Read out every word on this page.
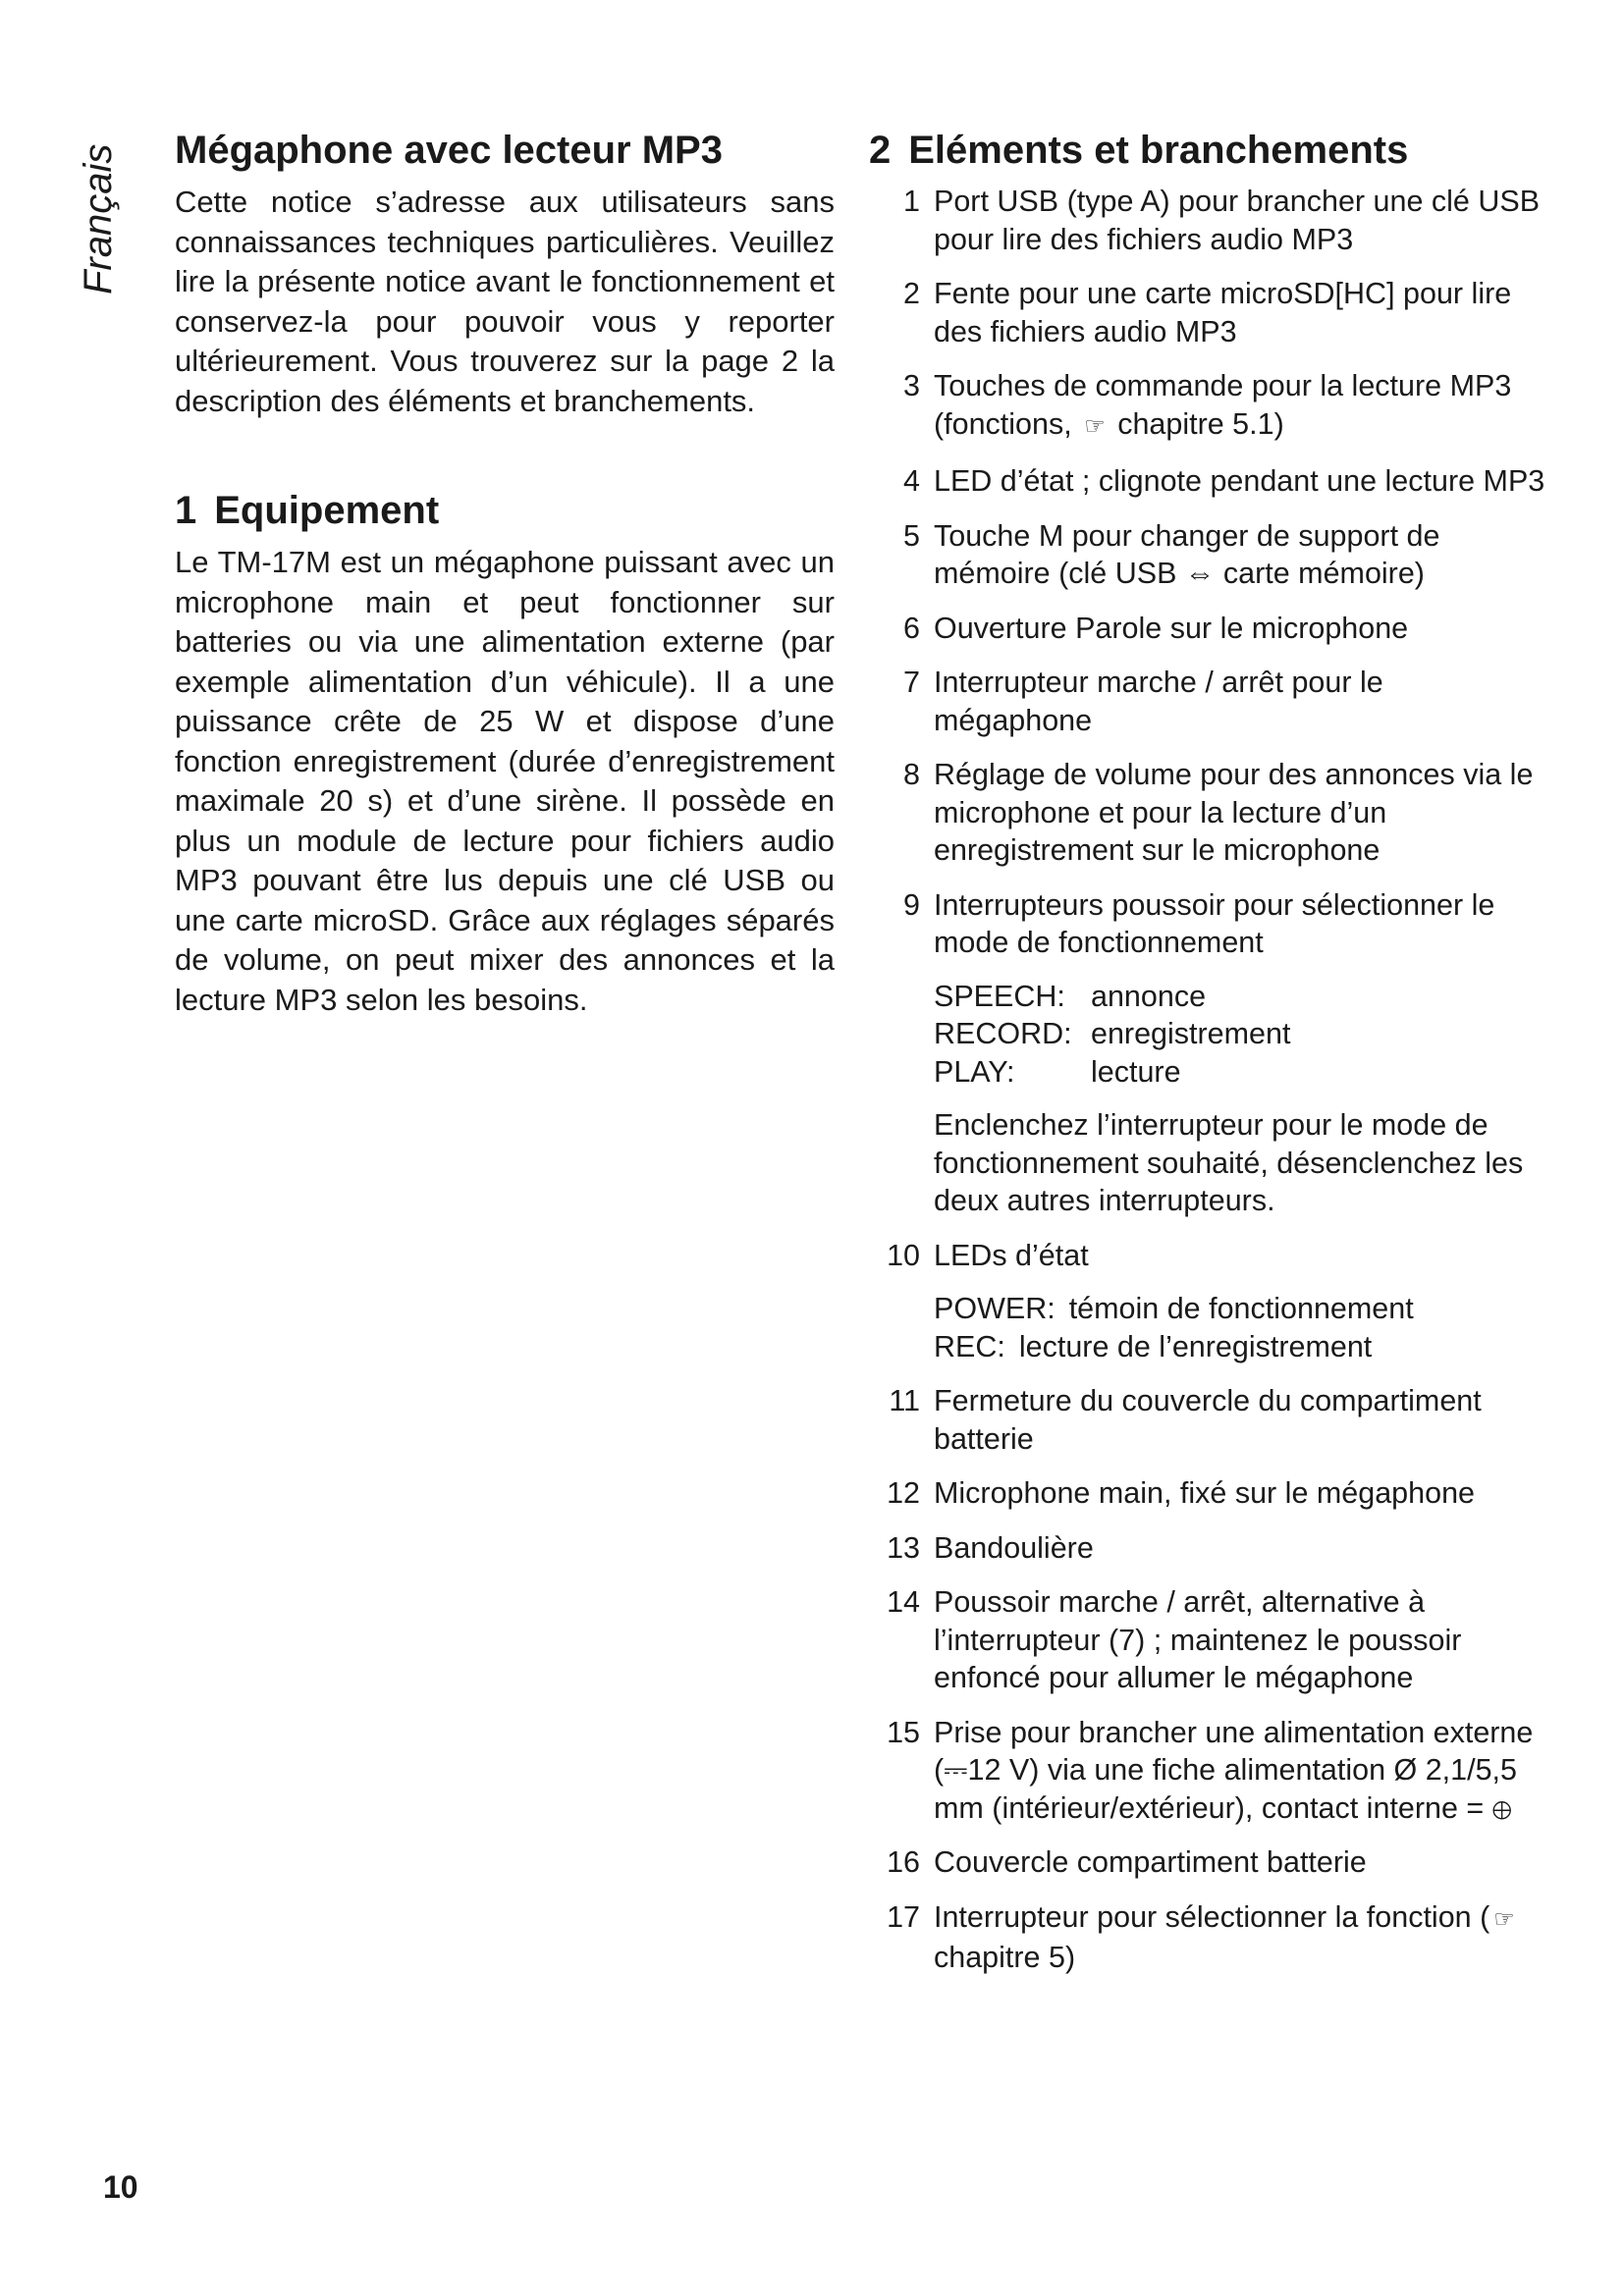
Français Mégaphone avec lecteur MP3

Cette notice s’adresse aux utilisateurs sans connaissances techniques particulières. Veuillez lire la présente notice avant le fonctionnement et conservez-la pour pouvoir vous y reporter ultérieurement. Vous trouverez sur la page 2 la description des éléments et branchements.

1 Equipement

Le TM-17M est un mégaphone puissant avec un microphone main et peut fonctionner sur batteries ou via une alimentation externe (par exemple alimentation d’un véhicule). Il a une puissance crête de 25 W et dispose d’une fonction enregistrement (durée d’enregistrement maximale 20 s) et d’une sirène. Il possède en plus un module de lecture pour fichiers audio MP3 pouvant être lus depuis une clé USB ou une carte microSD. Grâce aux réglages séparés de volume, on peut mixer des annonces et la lecture MP3 selon les besoins.

2 Eléments et branchements
1 Port USB (type A) pour brancher une clé USB pour lire des fichiers audio MP3
2 Fente pour une carte microSD[HC] pour lire des fichiers audio MP3
3 Touches de commande pour la lecture MP3 (fonctions, ☞ chapitre 5.1)
4 LED d’état ; clignote pendant une lecture MP3
5 Touche M pour changer de support de mémoire (clé USB ⇔ carte mémoire)
6 Ouverture Parole sur le microphone
7 Interrupteur marche / arrêt pour le mégaphone
8 Réglage de volume pour des annonces via le microphone et pour la lecture d’un enregistrement sur le microphone
9 Interrupteurs poussoir pour sélectionner le mode de fonctionnement
SPEECH: annonce
RECORD: enregistrement
PLAY:	lecture
Enclenchez l’interrupteur pour le mode de fonctionnement souhaité, désenclenchez les deux autres interrupteurs.
10 LEDs d’état
POWER: témoin de fonctionnement
REC: lecture de l’enregistrement
11 Fermeture du couvercle du compartiment batterie
12 Microphone main, fixé sur le mégaphone
13 Bandoulière
14 Poussoir marche / arrêt, alternative à l’interrupteur (7) ; maintenez le poussoir enfoncé pour allumer le mégaphone
15 Prise pour brancher une alimentation externe (⎓12 V) via une fiche alimentation Ø 2,1/5,5 mm (intérieur/extérieur), contact interne = ⊕
16 Couvercle compartiment batterie
17 Interrupteur pour sélectionner la fonction ( ☞ chapitre 5)
10
